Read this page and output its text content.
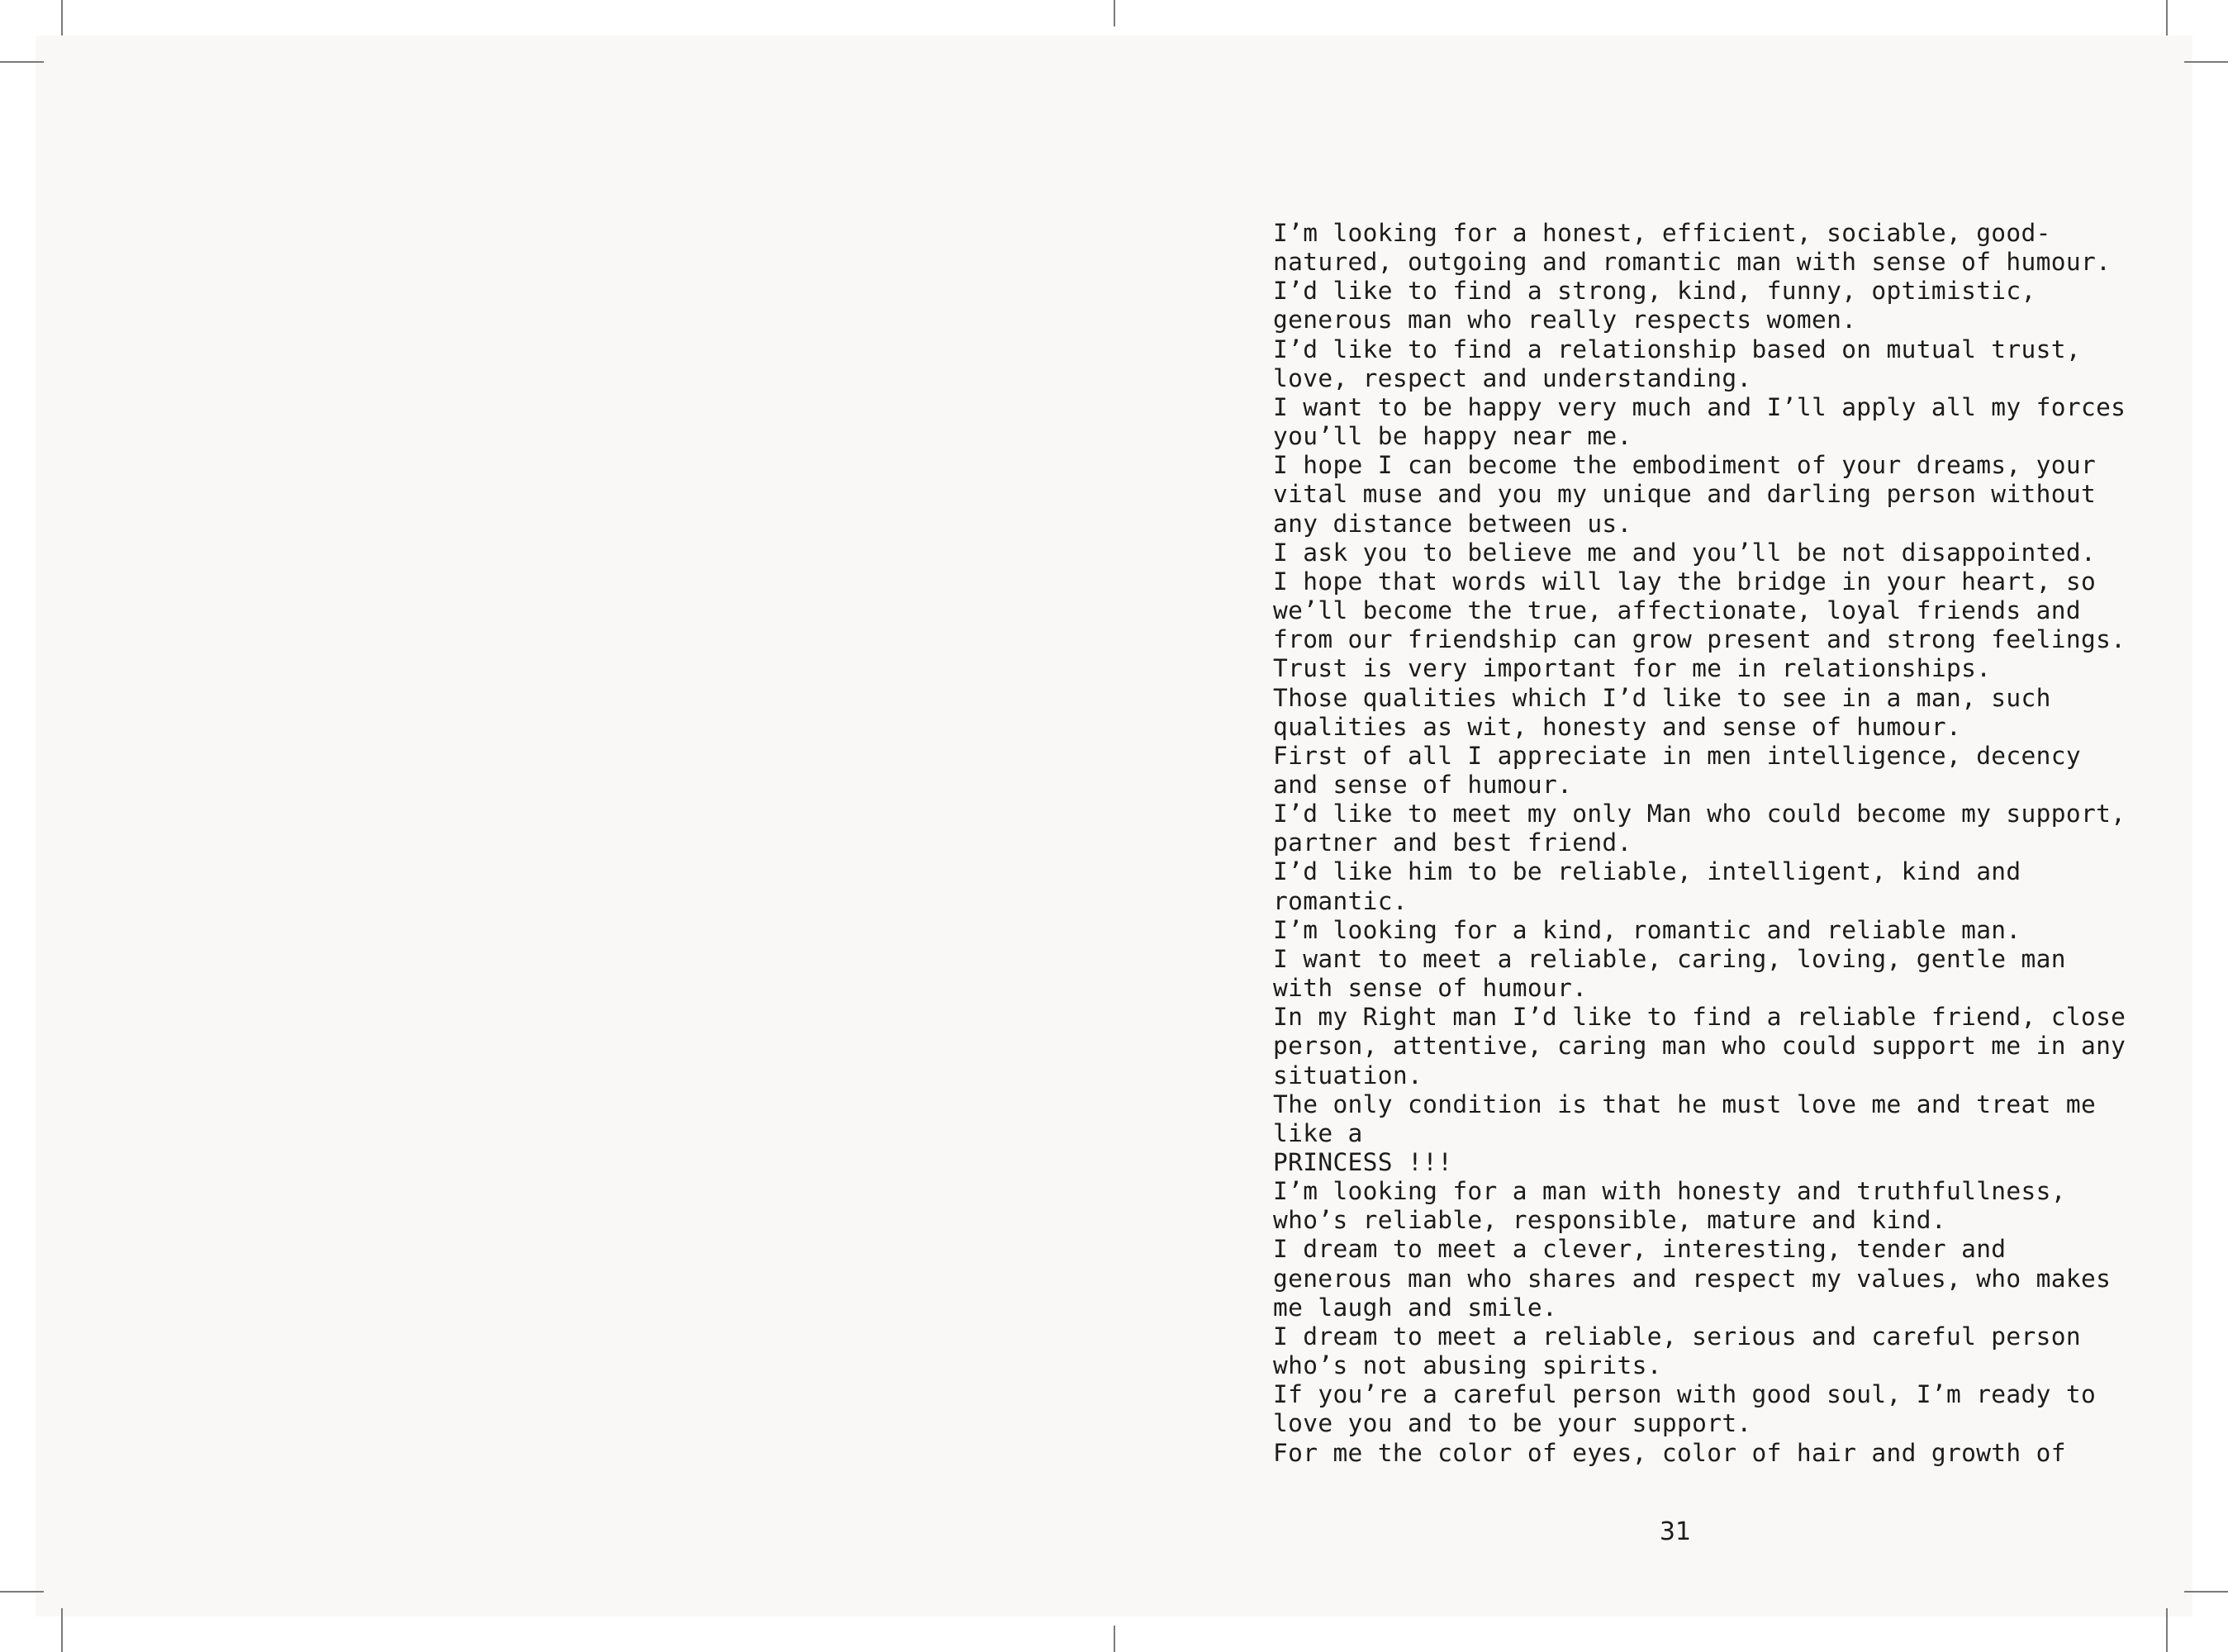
I’m looking for a honest, efficient, sociable, good-
natured, outgoing and romantic man with sense of humour.
I’d like to find a strong, kind, funny, optimistic,
generous man who really respects women.
I’d like to find a relationship based on mutual trust,
love, respect and understanding.
I want to be happy very much and I’ll apply all my forces
you’ll be happy near me.
I hope I can become the embodiment of your dreams, your
vital muse and you my unique and darling person without
any distance between us.
I ask you to believe me and you’ll be not disappointed.
I hope that words will lay the bridge in your heart, so
we’ll become the true, affectionate, loyal friends and
from our friendship can grow present and strong feelings.
Trust is very important for me in relationships.
Those qualities which I’d like to see in a man, such
qualities as wit, honesty and sense of humour.
First of all I appreciate in men intelligence, decency
and sense of humour.
I’d like to meet my only Man who could become my support,
partner and best friend.
I’d like him to be reliable, intelligent, kind and
romantic.
I’m looking for a kind, romantic and reliable man.
I want to meet a reliable, caring, loving, gentle man
with sense of humour.
In my Right man I’d like to find a reliable friend, close
person, attentive, caring man who could support me in any
situation.
The only condition is that he must love me and treat me
like a
PRINCESS !!!
I’m looking for a man with honesty and truthfullness,
who’s reliable, responsible, mature and kind.
I dream to meet a clever, interesting, tender and
generous man who shares and respect my values, who makes
me laugh and smile.
I dream to meet a reliable, serious and careful person
who’s not abusing spirits.
If you’re a careful person with good soul, I’m ready to
love you and to be your support.
For me the color of eyes, color of hair and growth of
31
